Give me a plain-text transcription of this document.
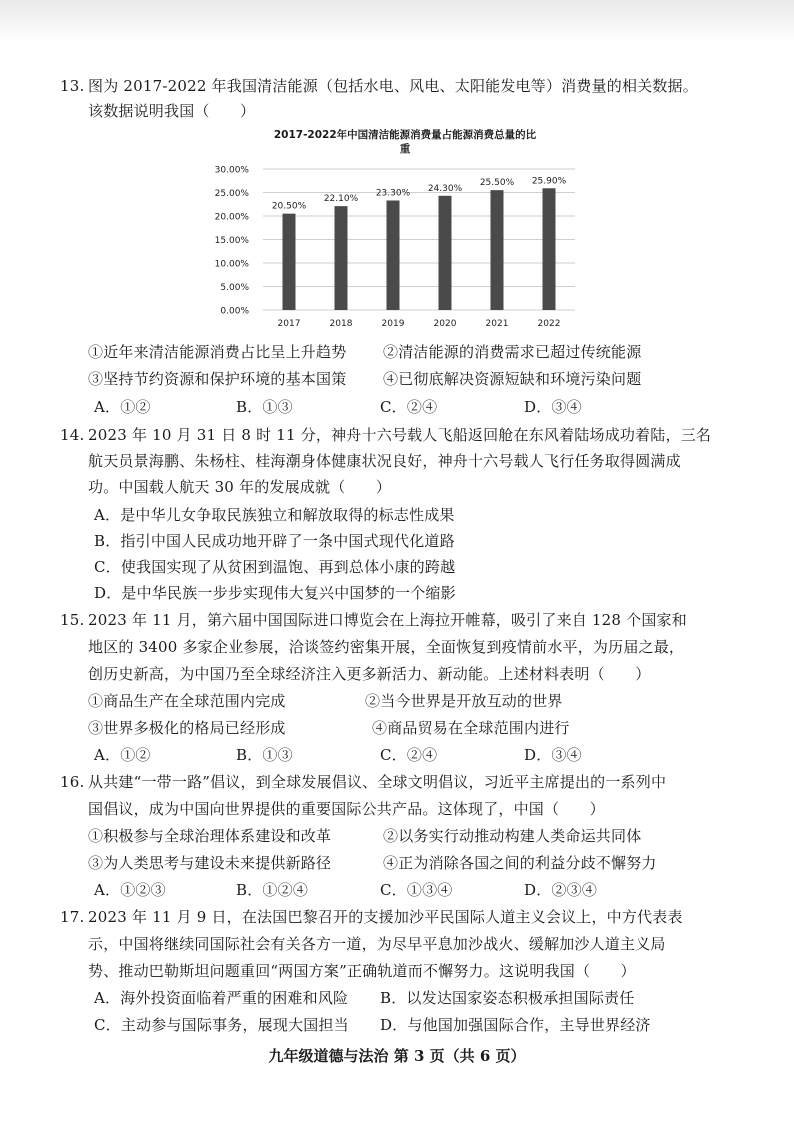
13. 图为 2017-2022 年我国清洁能源（包括水电、风电、太阳能发电等）消费量的相关数据。
该数据说明我国（　　）
2017-2022年中国清洁能源消费量占能源消费总量的比
重
0.00%
5.00%
10.00%
15.00%
20.00%
25.00%
30.00%
20.50%
2017
22.10%
2018
23.30%
2019
24.30%
2020
25.50%
2021
25.90%
2022
①近年来清洁能源消费占比呈上升趋势 ②清洁能源的消费需求已超过传统能源
③坚持节约资源和保护环境的基本国策 ④已彻底解决资源短缺和环境污染问题
A．①②	B．①③	C．②④	D．③④
14. 2023 年 10 月 31 日 8 时 11 分，神舟十六号载人飞船返回舱在东风着陆场成功着陆，三名
航天员景海鹏、朱杨柱、桂海潮身体健康状况良好，神舟十六号载人飞行任务取得圆满成
功。中国载人航天 30 年的发展成就（　　）
A．是中华儿女争取民族独立和解放取得的标志性成果
B．指引中国人民成功地开辟了一条中国式现代化道路
C．使我国实现了从贫困到温饱、再到总体小康的跨越
D．是中华民族一步步实现伟大复兴中国梦的一个缩影
15. 2023 年 11 月，第六届中国国际进口博览会在上海拉开帷幕，吸引了来自 128 个国家和
地区的 3400 多家企业参展，洽谈签约密集开展，全面恢复到疫情前水平，为历届之最，
创历史新高，为中国乃至全球经济注入更多新活力、新动能。上述材料表明（　　）
①商品生产在全球范围内完成	②当今世界是开放互动的世界
③世界多极化的格局已经形成	④商品贸易在全球范围内进行
A．①②	B．①③	C．②④	D．③④
16. 从共建“一带一路”倡议，到全球发展倡议、全球文明倡议，习近平主席提出的一系列中
国倡议，成为中国向世界提供的重要国际公共产品。这体现了，中国（　　）
①积极参与全球治理体系建设和改革	②以务实行动推动构建人类命运共同体
③为人类思考与建设未来提供新路径	④正为消除各国之间的利益分歧不懈努力
A．①②③	B．①②④	C．①③④	D．②③④
17. 2023 年 11 月 9 日，在法国巴黎召开的支援加沙平民国际人道主义会议上，中方代表表
示，中国将继续同国际社会有关各方一道，为尽早平息加沙战火、缓解加沙人道主义局
势、推动巴勒斯坦问题重回“两国方案”正确轨道而不懈努力。这说明我国（　　）
A．海外投资面临着严重的困难和风险 B．以发达国家姿态积极承担国际责任
C．主动参与国际事务，展现大国担当 D．与他国加强国际合作，主导世界经济
九年级道德与法治 第 3 页（共 6 页）
